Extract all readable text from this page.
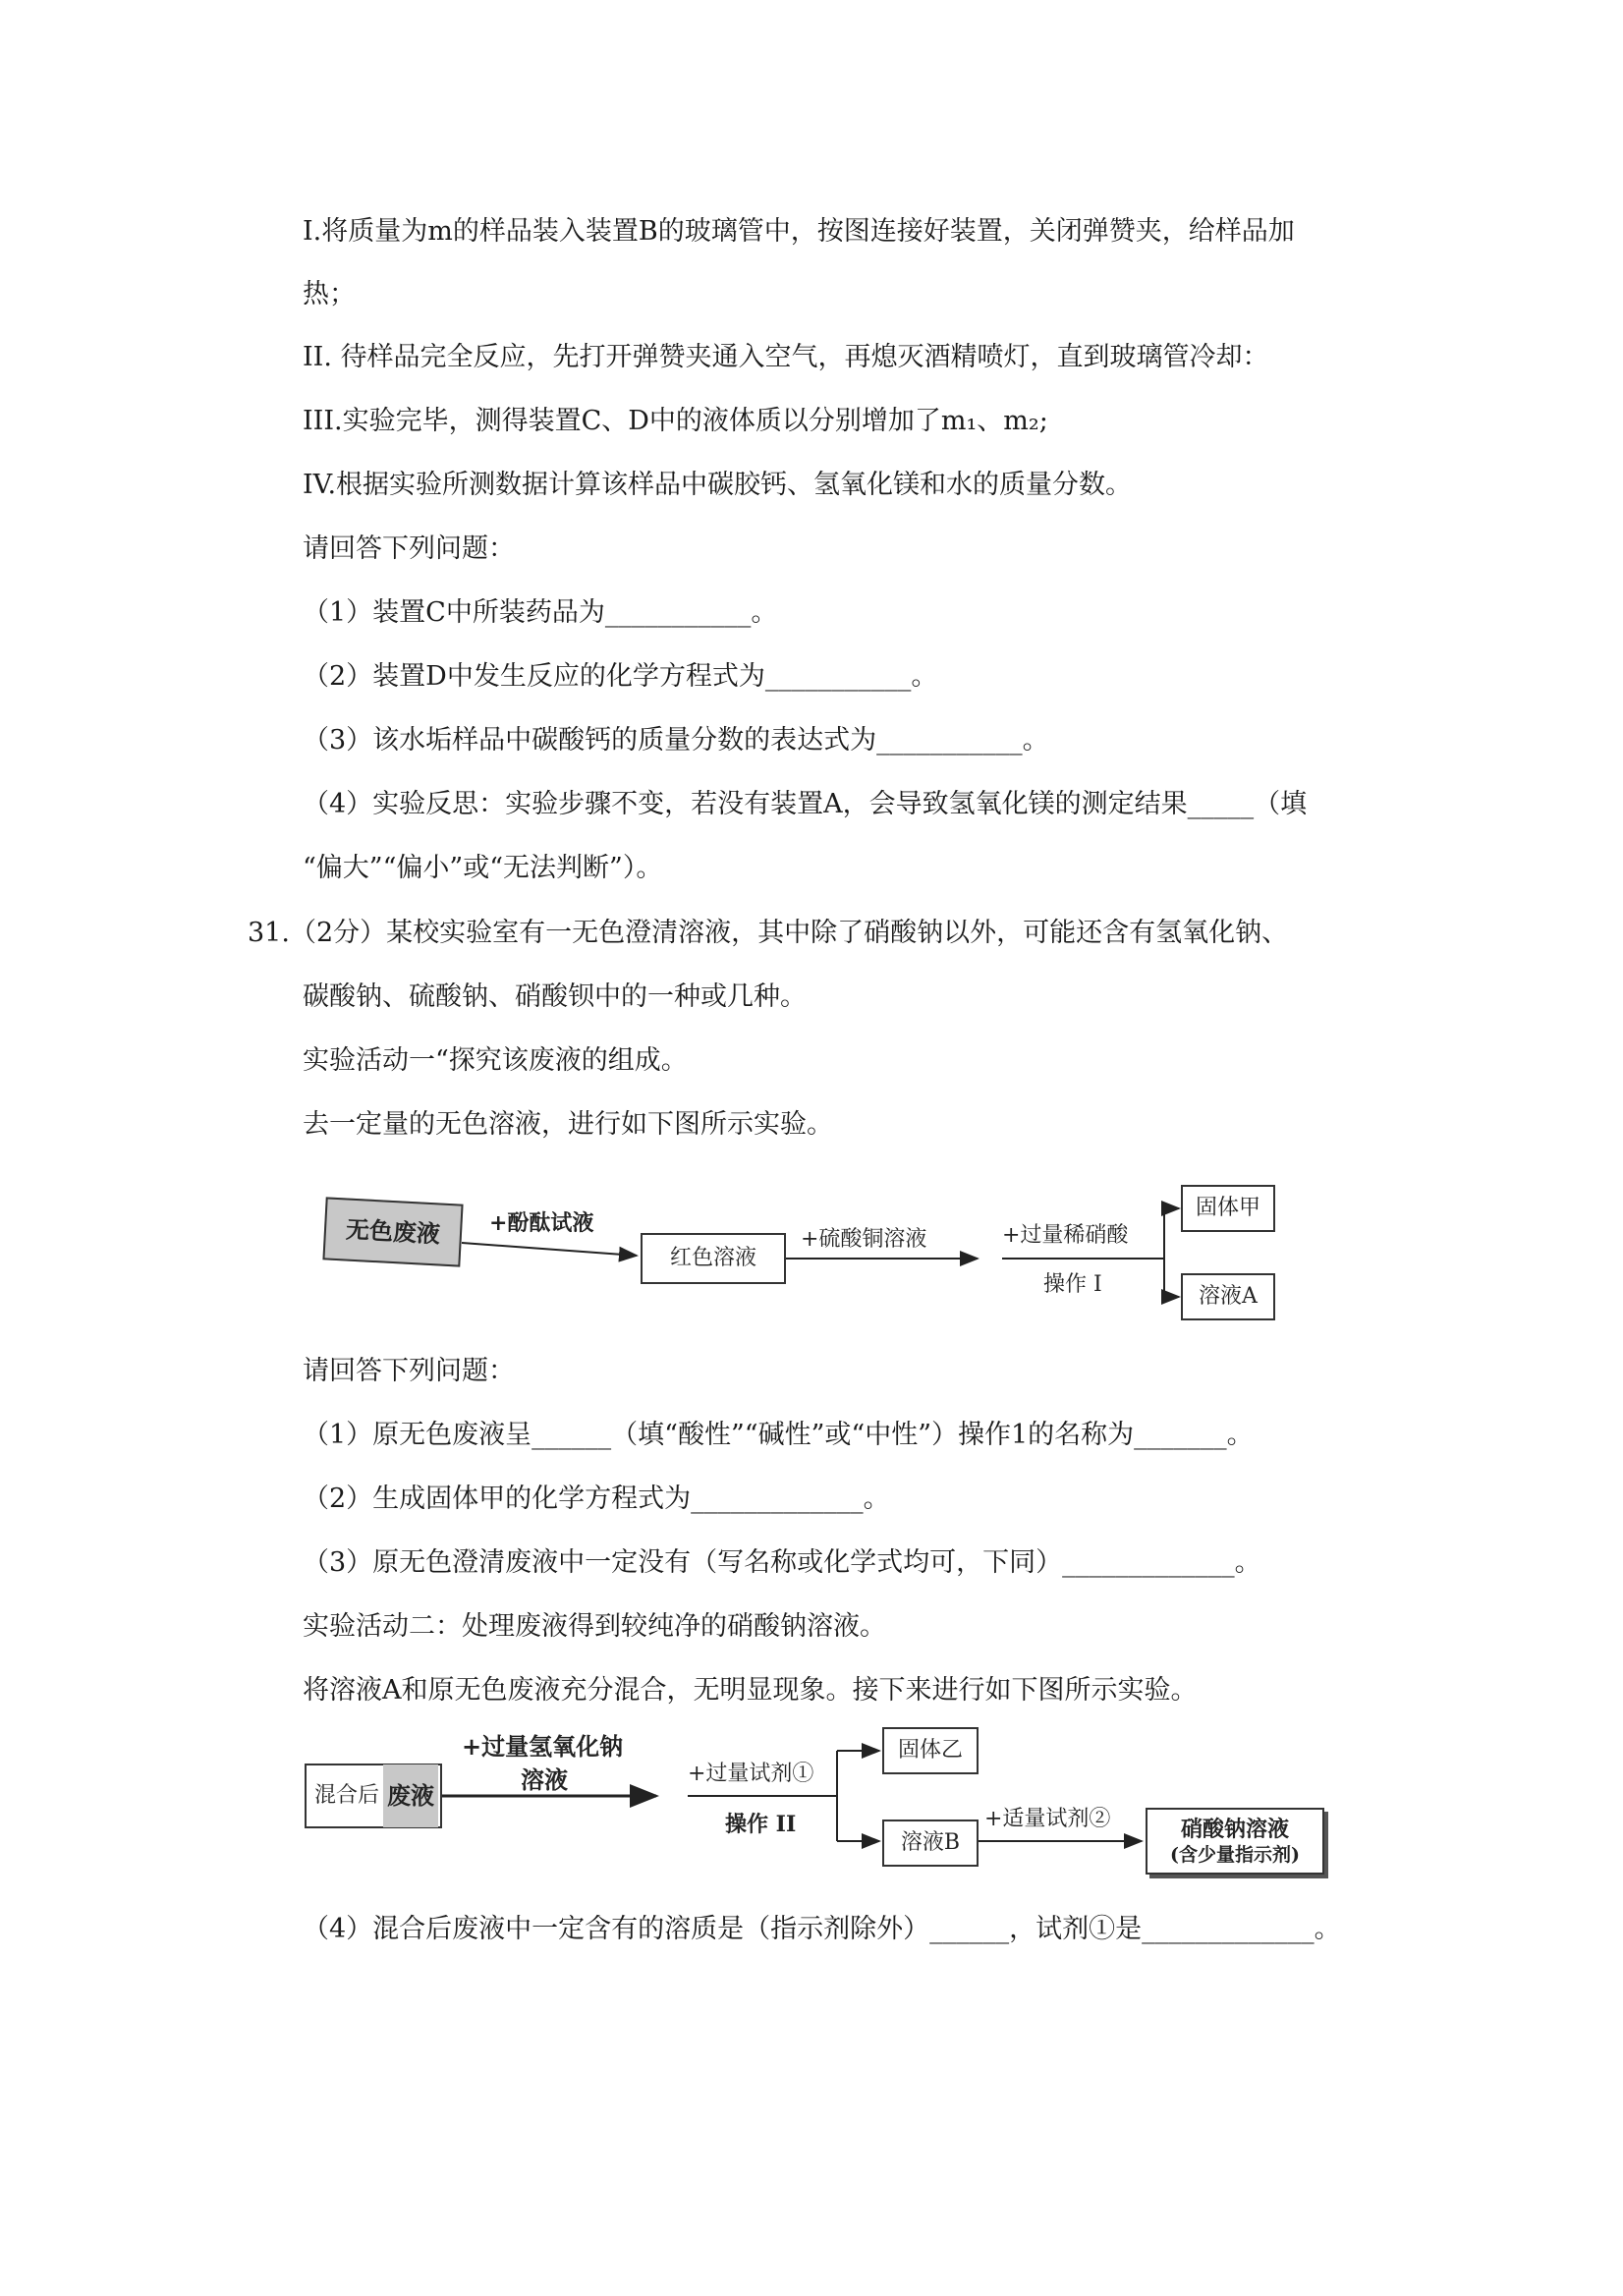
I.将质量为m的样品装入装置B的玻璃管中，按图连接好装置，关闭弹赞夹，给样品加
热；
II. 待样品完全反应，先打开弹赞夹通入空气，再熄灭酒精喷灯，直到玻璃管冷却：
III.实验完毕，测得装置C、D中的液体质以分别增加了m₁、m₂;
IV.根据实验所测数据计算该样品中碳胶钙、氢氧化镁和水的质量分数。
请回答下列问题：
（1）装置C中所装药品为___________。
（2）装置D中发生反应的化学方程式为___________。
（3）该水垢样品中碳酸钙的质量分数的表达式为___________。
（4）实验反思：实验步骤不变，若没有装置A，会导致氢氧化镁的测定结果_____（填
“偏大”“偏小”或“无法判断”）。
31.（2分）某校实验室有一无色澄清溶液，其中除了硝酸钠以外，可能还含有氢氧化钠、
碳酸钠、硫酸钠、硝酸钡中的一种或几种。
实验活动一“探究该废液的组成。
去一定量的无色溶液，进行如下图所示实验。
无色废液	+酚酞试液
红色溶液
+硫酸铜溶液	+过量稀硝酸
操作 I
固体甲
溶液A
请回答下列问题：
（1）原无色废液呈______（填“酸性”“碱性”或“中性”）操作1的名称为_______。
（2）生成固体甲的化学方程式为_____________。
（3）原无色澄清废液中一定没有（写名称或化学式均可，下同）_____________。
实验活动二：处理废液得到较纯净的硝酸钠溶液。
将溶液A和原无色废液充分混合，无明显现象。接下来进行如下图所示实验。
混合后 废液
+过量氢氧化钠
溶液	+过量试剂①
操作 II
固体乙
溶液B
+适量试剂②	硝酸钠溶液
(含少量指示剂)
（4）混合后废液中一定含有的溶质是（指示剂除外）______，试剂①是_____________。
